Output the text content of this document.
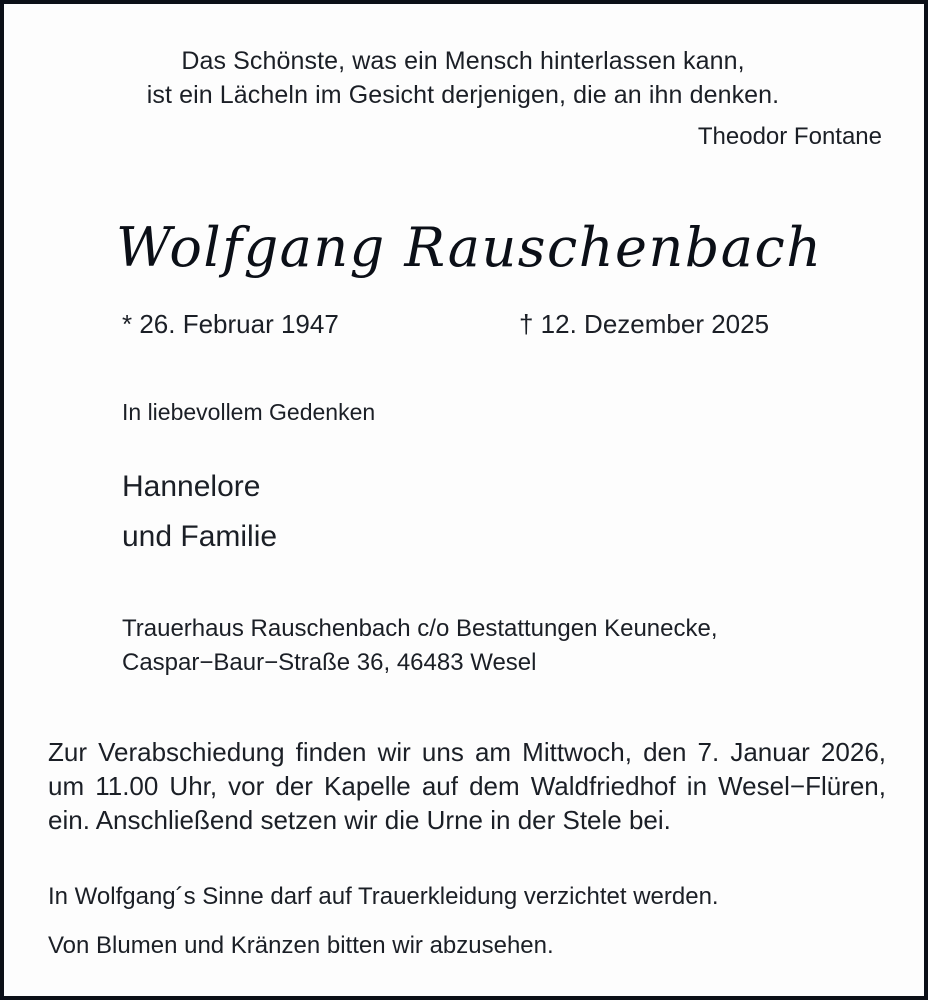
Das Schönste, was ein Mensch hinterlassen kann,
ist ein Lächeln im Gesicht derjenigen, die an ihn denken.
Theodor Fontane
Wolfgang Rauschenbach
* 26. Februar 1947	† 12. Dezember 2025
In liebevollem Gedenken
Hannelore
und Familie
Trauerhaus Rauschenbach c/o Bestattungen Keunecke,
Caspar−Baur−Straße 36, 46483 Wesel
Zur Verabschiedung finden wir uns am Mittwoch, den 7. Januar 2026, um 11.00 Uhr, vor der Kapelle auf dem Waldfriedhof in Wesel−Flüren, ein. Anschließend setzen wir die Urne in der Stele bei.
In Wolfgang´s Sinne darf auf Trauerkleidung verzichtet werden.
Von Blumen und Kränzen bitten wir abzusehen.
